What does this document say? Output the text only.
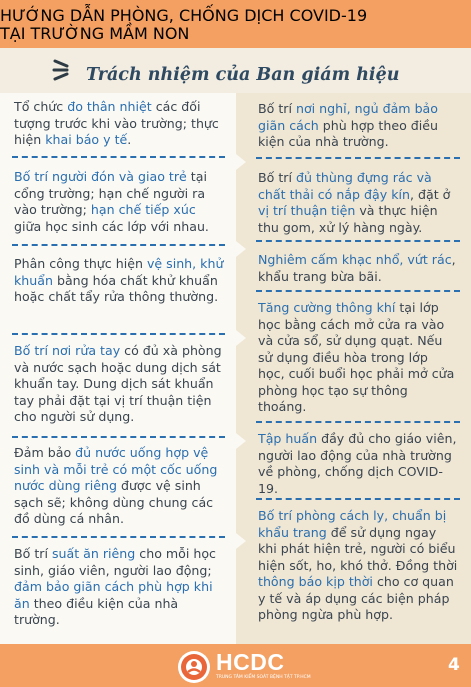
HƯỚNG DẪN PHÒNG, CHỐNG DỊCH COVID-19
TẠI TRƯỜNG MẦM NON
Trách nhiệm của Ban giám hiệu
Tổ chức đo thân nhiệt các đối tượng trước khi vào trường; thực hiện khai báo y tế.
Bố trí người đón và giao trẻ tại cổng trường; hạn chế người ra vào trường; hạn chế tiếp xúc giữa học sinh các lớp với nhau.
Phân công thực hiện vệ sinh, khử khuẩn bằng hóa chất khử khuẩn hoặc chất tẩy rửa thông thường.
Bố trí nơi rửa tay có đủ xà phòng và nước sạch hoặc dung dịch sát khuẩn tay. Dung dịch sát khuẩn tay phải đặt tại vị trí thuận tiện cho người sử dụng.
Đảm bảo đủ nước uống hợp vệ sinh và mỗi trẻ có một cốc uống nước dùng riêng được vệ sinh sạch sẽ; không dùng chung các đồ dùng cá nhân.
Bố trí suất ăn riêng cho mỗi học sinh, giáo viên, người lao động; đảm bảo giãn cách phù hợp khi ăn theo điều kiện của nhà trường.
Bố trí nơi nghỉ, ngủ đảm bảo giãn cách phù hợp theo điều kiện của nhà trường.
Bố trí đủ thùng đựng rác và chất thải có nắp đậy kín, đặt ở vị trí thuận tiện và thực hiện thu gom, xử lý hàng ngày.
Nghiêm cấm khạc nhổ, vứt rác, khẩu trang bừa bãi.
Tăng cường thông khí tại lớp học bằng cách mở cửa ra vào và cửa sổ, sử dụng quạt. Nếu sử dụng điều hòa trong lớp học, cuối buổi học phải mở cửa phòng học tạo sự thông thoáng.
Tập huấn đầy đủ cho giáo viên, người lao động của nhà trường về phòng, chống dịch COVID-19.
Bố trí phòng cách ly, chuẩn bị khẩu trang để sử dụng ngay khi phát hiện trẻ, người có biểu hiện sốt, ho, khó thở. Đồng thời thông báo kịp thời cho cơ quan y tế và áp dụng các biện pháp phòng ngừa phù hợp.
HCDC
TRUNG TÂM KIỂM SOÁT BỆNH TẬT TP.HCM
4
